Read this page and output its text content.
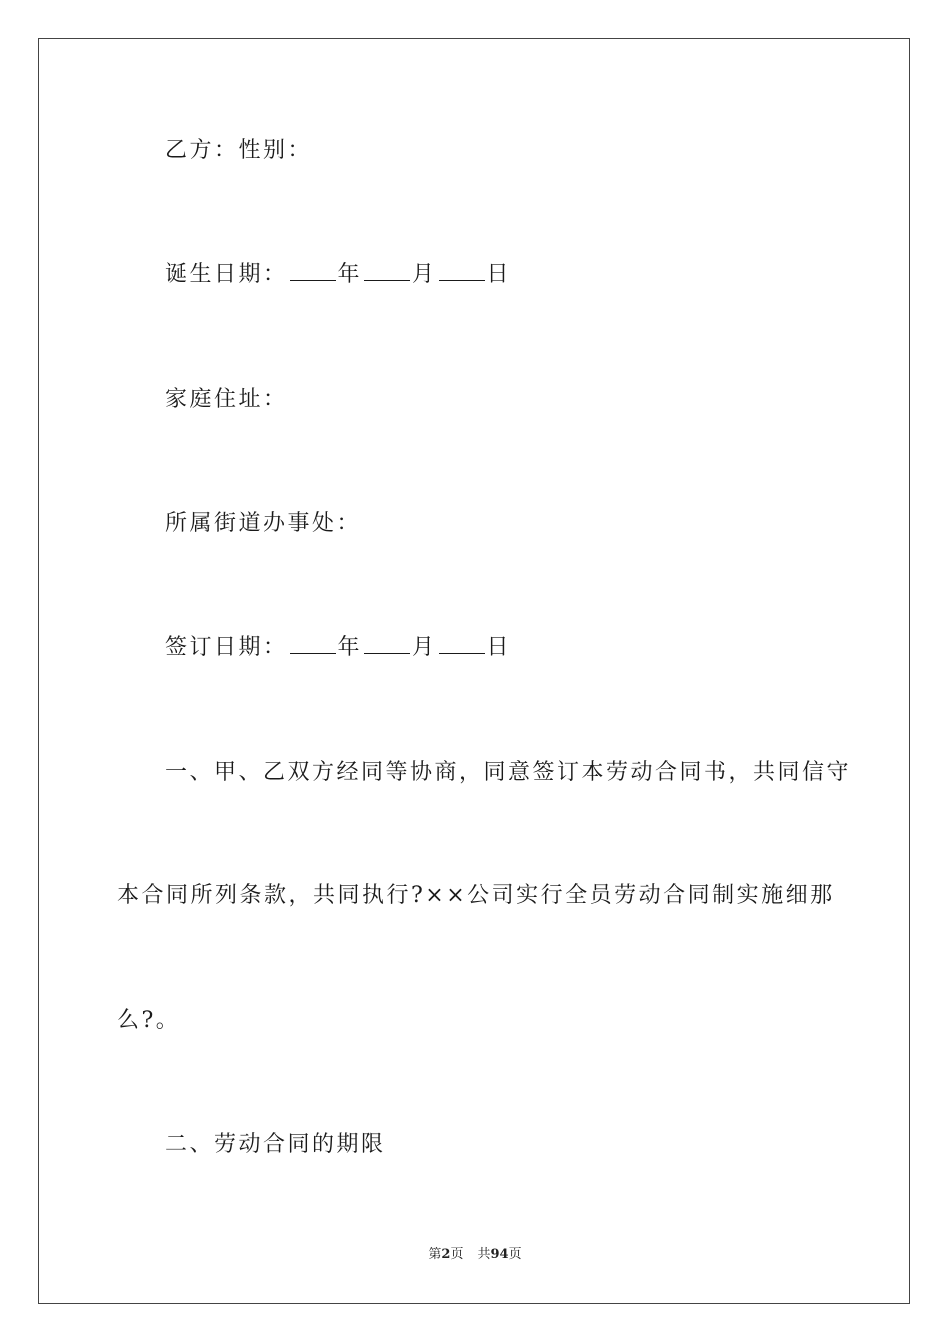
乙方：性别：
诞生日期： 年 月 日
家庭住址：
所属街道办事处：
签订日期： 年 月 日
一、甲、乙双方经同等协商，同意签订本劳动合同书，共同信守
本合同所列条款，共同执行?××公司实行全员劳动合同制实施细那
么?。
二、劳动合同的期限
第2页 共94页
